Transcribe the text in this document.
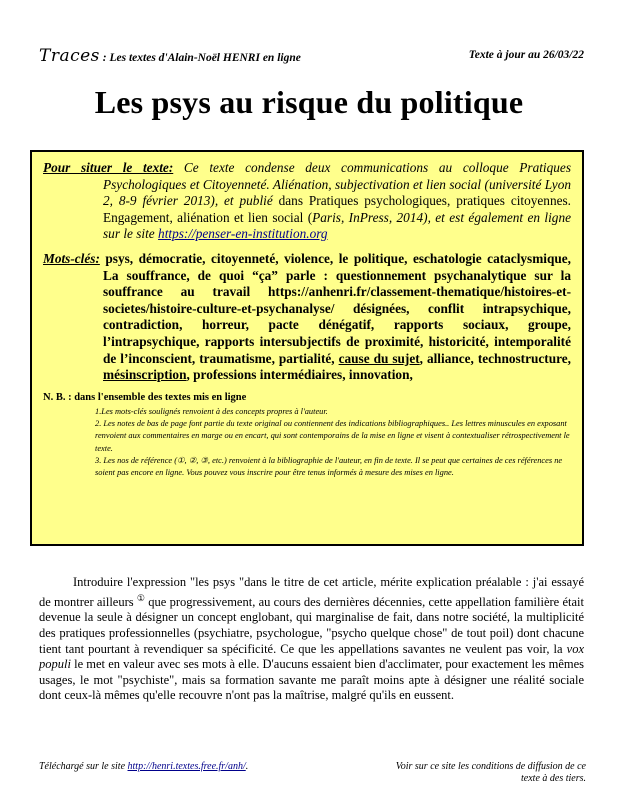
Traces : Les textes d'Alain-Noël HENRI en ligne	Texte à jour au 26/03/22
Les psys au risque du politique

Pour situer le texte: Ce texte condense deux communications au colloque Pratiques Psychologiques et Citoyenneté. Aliénation, subjectivation et lien social (université Lyon 2, 8-9 février 2013), et publié dans Pratiques psychologiques, pratiques citoyennes. Engagement, aliénation et lien social (Paris, InPress, 2014), et est également en ligne sur le site https://penser-en-institution.org

Mots-clés: psys, démocratie, citoyenneté, violence, le politique, eschatologie cataclysmique, La souffrance, de quoi “ça” parle : questionnement psychanalytique sur la souffrance au travail https://anhenri.fr/classement-thematique/histoires-et-societes/histoire-culture-et-psychanalyse/ désignées, conflit intrapsychique, contradiction, horreur, pacte dénégatif, rapports sociaux, groupe, l’intrapsychique, rapports intersubjectifs de proximité, historicité, intemporalité de l’inconscient, traumatisme, partialité, cause du sujet, alliance, technostructure, mésinscription, professions intermédiaires, innovation,

N. B. : dans l'ensemble des textes mis en ligne

1.Les mots-clés soulignés renvoient à des concepts propres à l'auteur.

2. Les notes de bas de page font partie du texte original ou contiennent des indications bibliographiques.. Les lettres minuscules en exposant renvoient aux commentaires en marge ou en encart, qui sont contemporains de la mise en ligne et visent à contextualiser rétrospectivement le texte.

3. Les nos de référence (①, ②, ③, etc.) renvoient à la bibliographie de l'auteur, en fin de texte. Il se peut que certaines de ces références ne soient pas encore en ligne. Vous pouvez vous inscrire pour être tenus informés à mesure des mises en ligne.

Introduire l'expression "les psys "dans le titre de cet article, mérite explication préalable : j'ai essayé de montrer ailleurs ① que progressivement, au cours des dernières décennies, cette appellation familière était devenue la seule à désigner un concept englobant, qui marginalise de fait, dans notre société, la multiplicité des pratiques professionnelles (psychiatre, psychologue, "psycho quelque chose" de tout poil) dont chacune tient tant pourtant à revendiquer sa spécificité. Ce que les appellations savantes ne veulent pas voir, la vox populi le met en valeur avec ses mots à elle. D'aucuns essaient bien d'acclimater, pour exactement les mêmes usages, le mot "psychiste", mais sa formation savante me paraît moins apte à désigner une réalité sociale dont ceux-là mêmes qu'elle recouvre n'ont pas la maîtrise, malgré qu'ils en eussent.

Téléchargé sur le site http://henri.textes.free.fr/anh/.	Voir sur ce site les conditions de diffusion de ce texte à des tiers.
